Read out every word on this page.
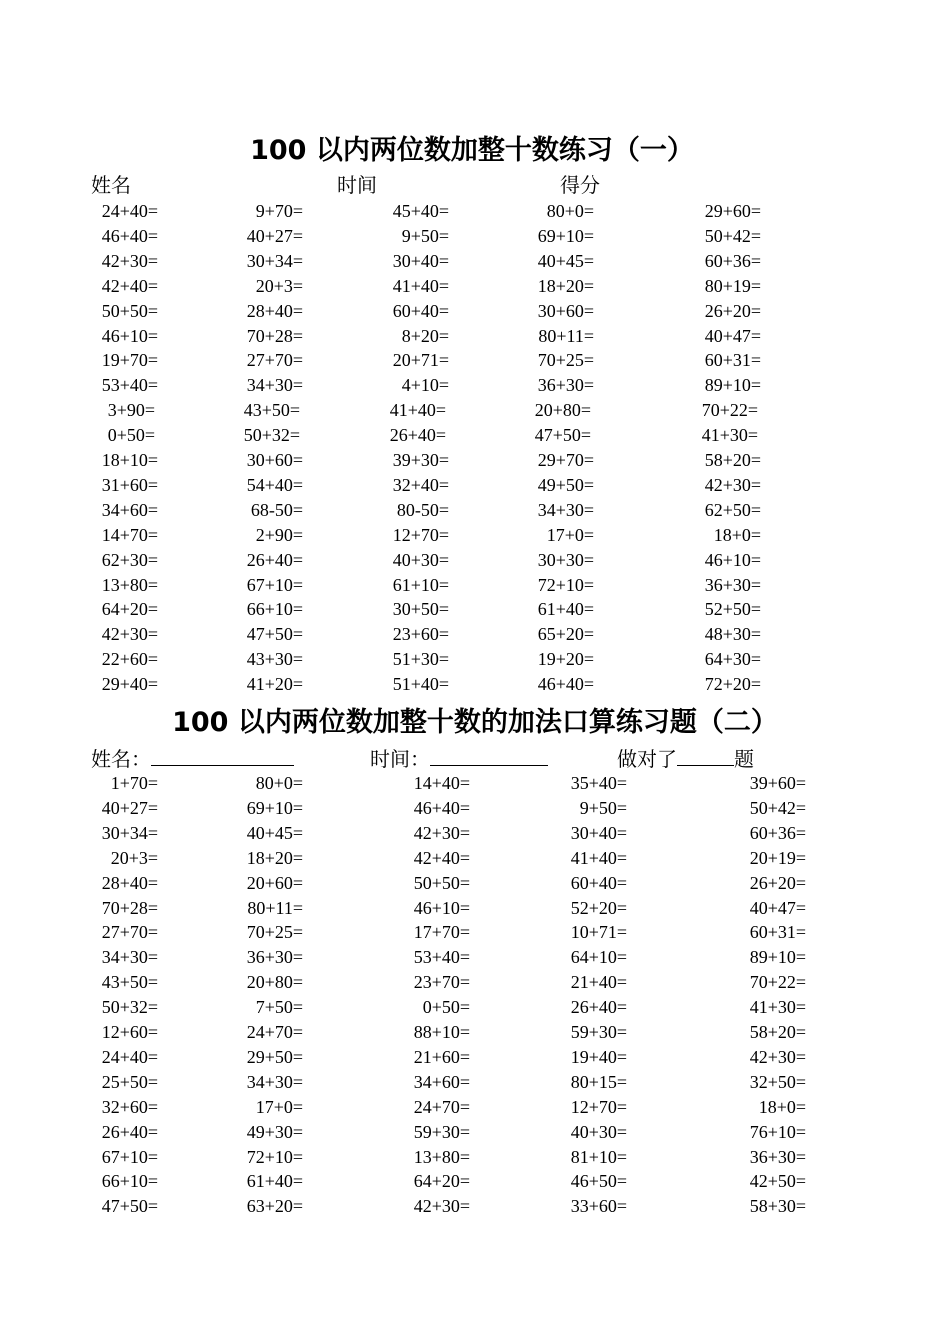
100 以内两位数加整十数练习（一）
姓名	时间	得分
24+40=	9+70=	45+40=	80+0=	29+60=
46+40=	40+27=	9+50=	69+10=	50+42=
42+30=	30+34=	30+40=	40+45=	60+36=
42+40=	20+3=	41+40=	18+20=	80+19=
50+50=	28+40=	60+40=	30+60=	26+20=
46+10=	70+28=	8+20=	80+11=	40+47=
19+70=	27+70=	20+71=	70+25=	60+31=
53+40=	34+30=	4+10=	36+30=	89+10=
3+90=	43+50=	41+40=	20+80=	70+22=
0+50=	50+32=	26+40=	47+50=	41+30=
18+10=	30+60=	39+30=	29+70=	58+20=
31+60=	54+40=	32+40=	49+50=	42+30=
34+60=	68-50=	80-50=	34+30=	62+50=
14+70=	2+90=	12+70=	17+0=	18+0=
62+30=	26+40=	40+30=	30+30=	46+10=
13+80=	67+10=	61+10=	72+10=	36+30=
64+20=	66+10=	30+50=	61+40=	52+50=
42+30=	47+50=	23+60=	65+20=	48+30=
22+60=	43+30=	51+30=	19+20=	64+30=
29+40=	41+20=	51+40=	46+40=	72+20=
100 以内两位数加整十数的加法口算练习题（二）
姓名：	时间：	做对了	题
1+70=	80+0=	14+40=	35+40=	39+60=
40+27=	69+10=	46+40=	9+50=	50+42=
30+34=	40+45=	42+30=	30+40=	60+36=
20+3=	18+20=	42+40=	41+40=	20+19=
28+40=	20+60=	50+50=	60+40=	26+20=
70+28=	80+11=	46+10=	52+20=	40+47=
27+70=	70+25=	17+70=	10+71=	60+31=
34+30=	36+30=	53+40=	64+10=	89+10=
43+50=	20+80=	23+70=	21+40=	70+22=
50+32=	7+50=	0+50=	26+40=	41+30=
12+60=	24+70=	88+10=	59+30=	58+20=
24+40=	29+50=	21+60=	19+40=	42+30=
25+50=	34+30=	34+60=	80+15=	32+50=
32+60=	17+0=	24+70=	12+70=	18+0=
26+40=	49+30=	59+30=	40+30=	76+10=
67+10=	72+10=	13+80=	81+10=	36+30=
66+10=	61+40=	64+20=	46+50=	42+50=
47+50=	63+20=	42+30=	33+60=	58+30=
